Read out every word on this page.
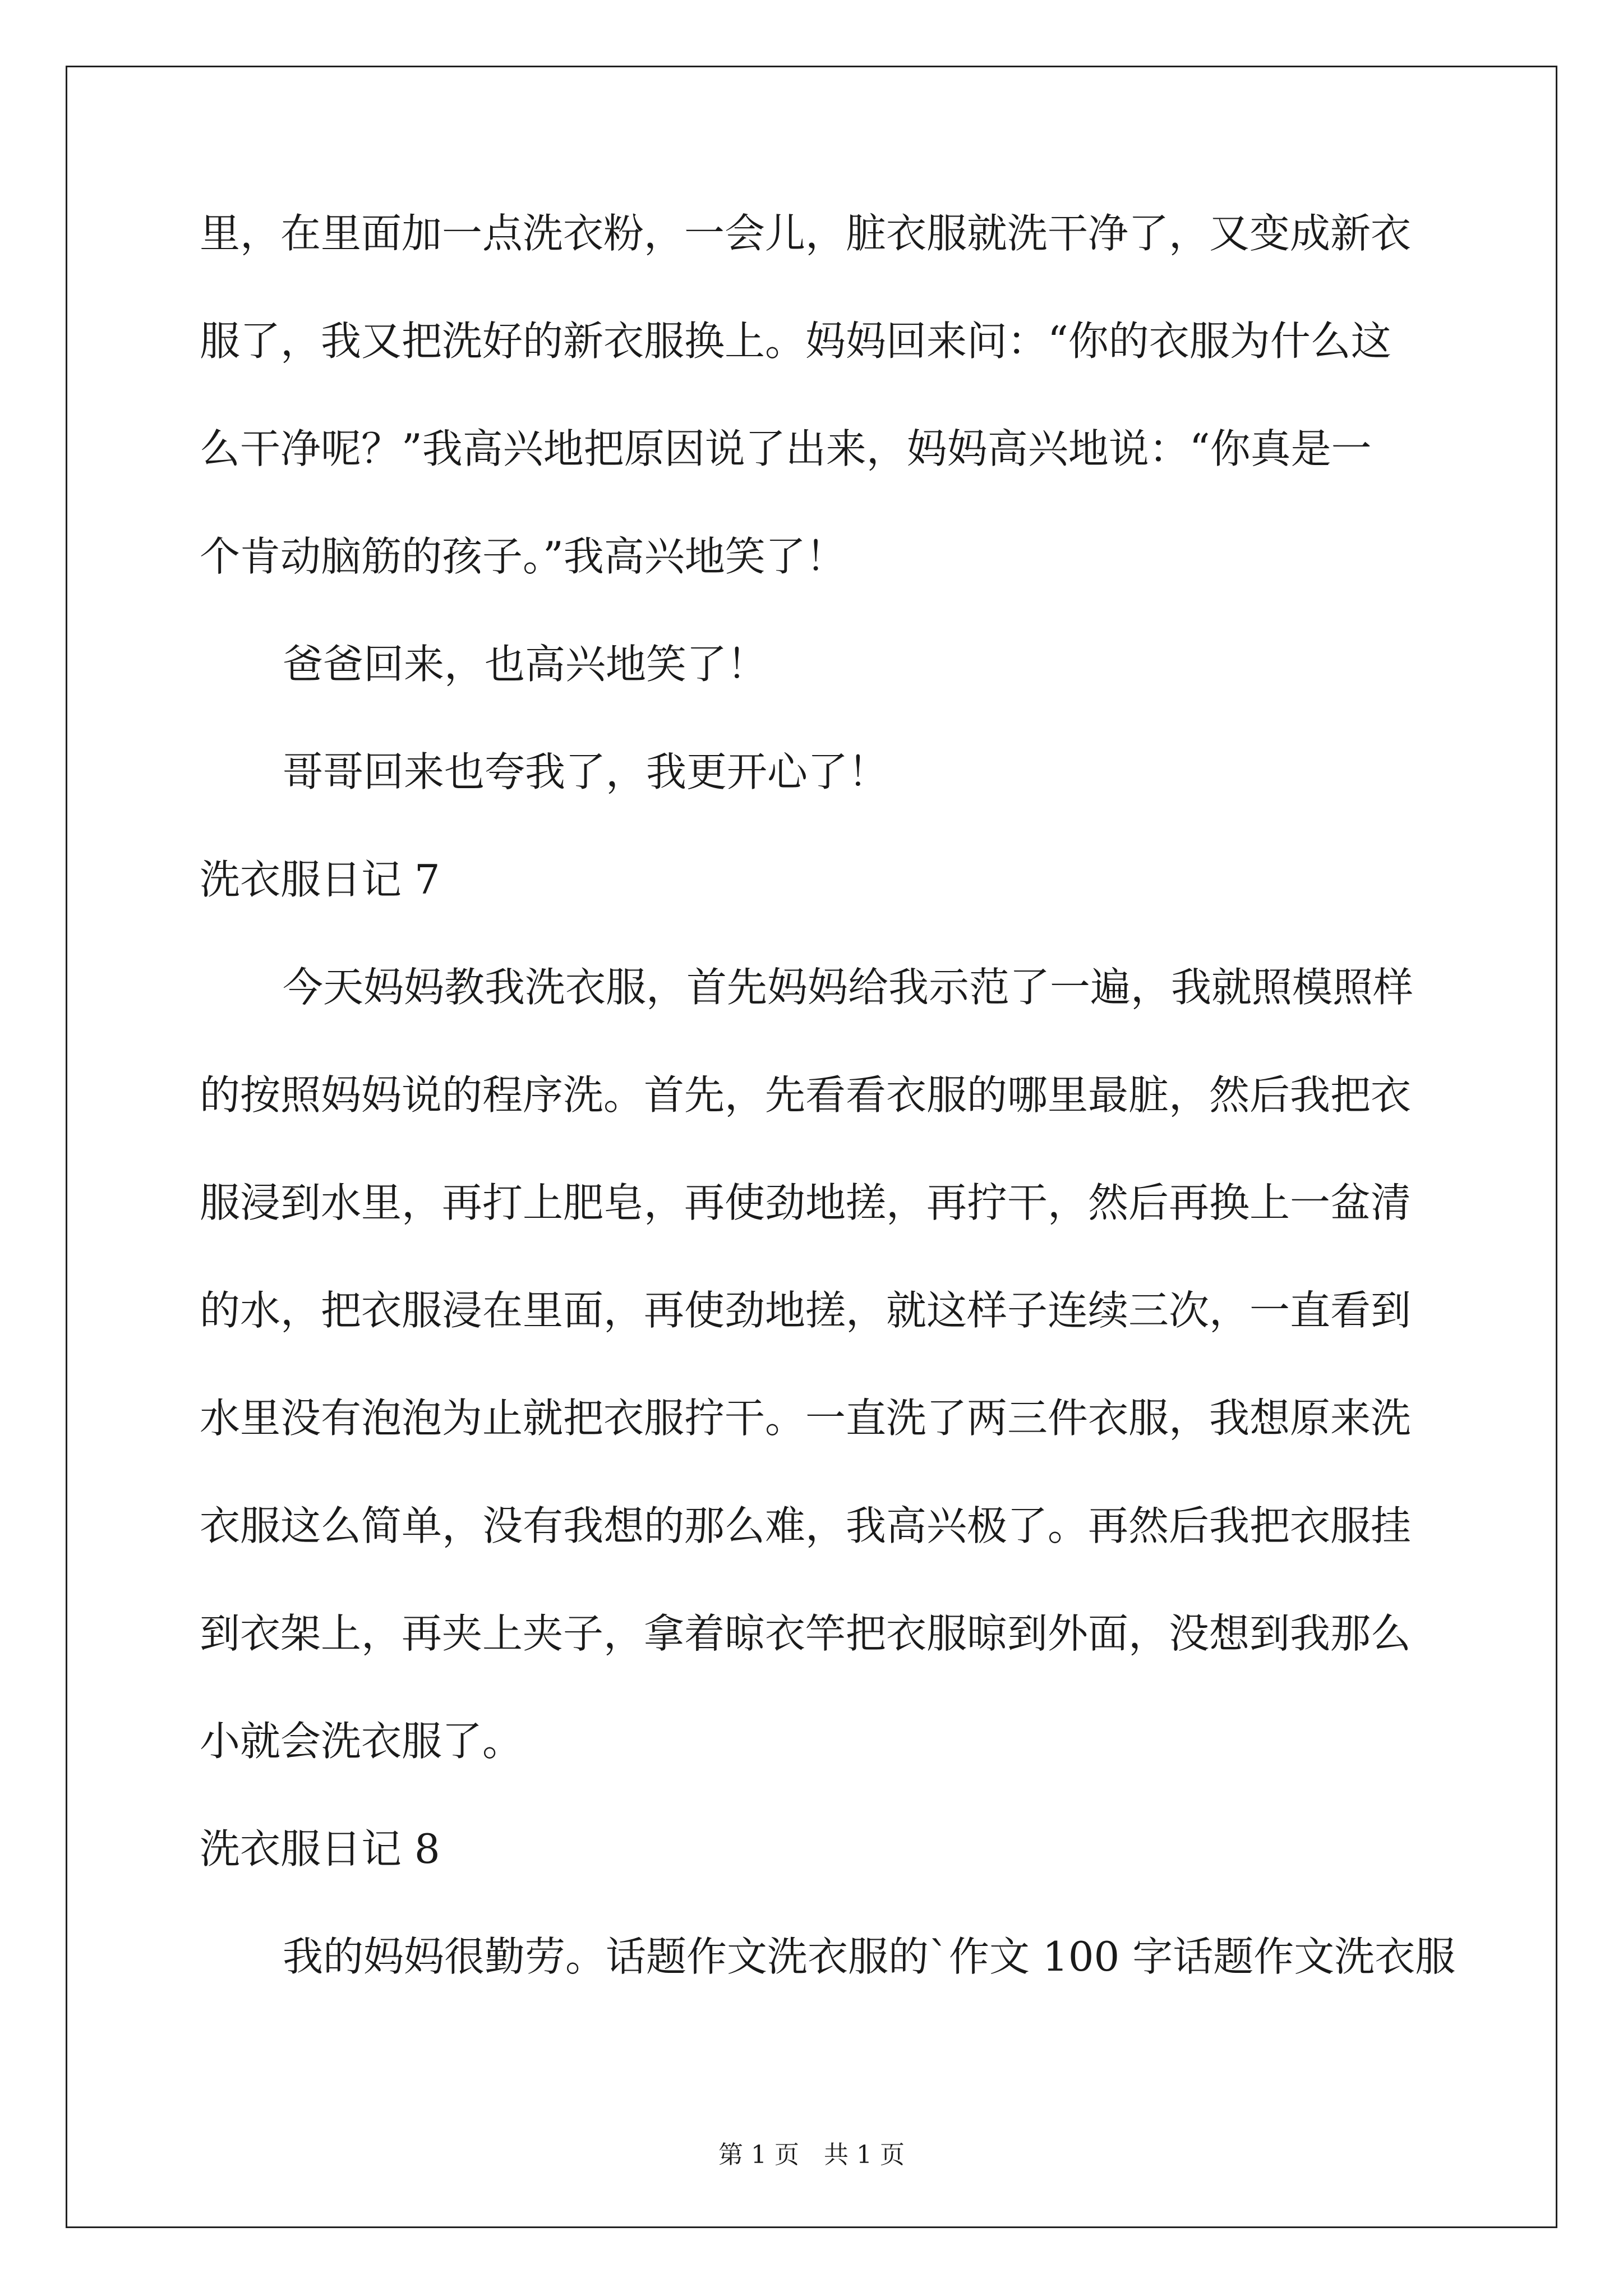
里，在里面加一点洗衣粉，一会儿，脏衣服就洗干净了，又变成新衣
服了，我又把洗好的新衣服换上。妈妈回来问：“你的衣服为什么这
么干净呢？”我高兴地把原因说了出来，妈妈高兴地说：“你真是一
个肯动脑筋的孩子。”我高兴地笑了！
爸爸回来，也高兴地笑了！
哥哥回来也夸我了，我更开心了！
洗衣服日记 7
今天妈妈教我洗衣服，首先妈妈给我示范了一遍，我就照模照样
的按照妈妈说的程序洗。首先，先看看衣服的哪里最脏，然后我把衣
服浸到水里，再打上肥皂，再使劲地搓，再拧干，然后再换上一盆清
的水，把衣服浸在里面，再使劲地搓，就这样子连续三次，一直看到
水里没有泡泡为止就把衣服拧干。一直洗了两三件衣服，我想原来洗
衣服这么简单，没有我想的那么难，我高兴极了。再然后我把衣服挂
到衣架上，再夹上夹子，拿着晾衣竿把衣服晾到外面，没想到我那么
小就会洗衣服了。
洗衣服日记 8
我的妈妈很勤劳。话题作文洗衣服的`作文 100 字话题作文洗衣服
第 1 页　共 1 页
